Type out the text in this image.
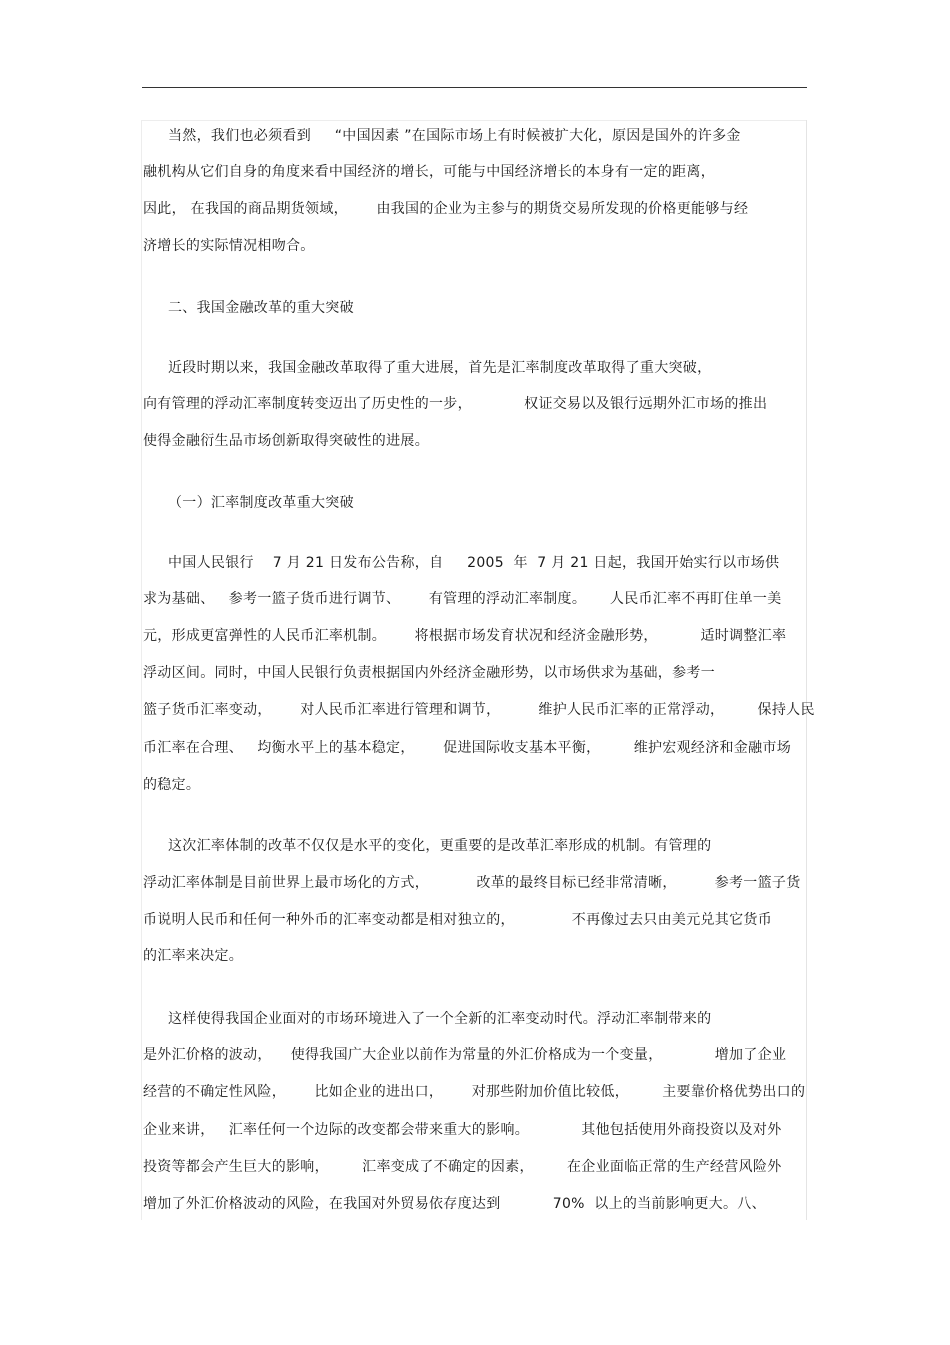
当然，我们也必须看到     “中国因素 ”在国际市场上有时候被扩大化，原因是国外的许多金
融机构从它们自身的角度来看中国经济的增长，可能与中国经济增长的本身有一定的距离，
因此， 在我国的商品期货领域，      由我国的企业为主参与的期货交易所发现的价格更能够与经
济增长的实际情况相吻合。
二、我国金融改革的重大突破
近段时期以来，我国金融改革取得了重大进展，首先是汇率制度改革取得了重大突破，
向有管理的浮动汇率制度转变迈出了历史性的一步，           权证交易以及银行远期外汇市场的推出
使得金融衍生品市场创新取得突破性的进展。
（一）汇率制度改革重大突破
中国人民银行    7 月 21 日发布公告称，自     2005  年  7 月 21 日起，我国开始实行以市场供
求为基础、   参考一篮子货币进行调节、      有管理的浮动汇率制度。     人民币汇率不再盯住单一美
元，形成更富弹性的人民币汇率机制。      将根据市场发育状况和经济金融形势，         适时调整汇率
浮动区间。同时，中国人民银行负责根据国内外经济金融形势，以市场供求为基础，参考一
篮子货币汇率变动，      对人民币汇率进行管理和调节，        维护人民币汇率的正常浮动，       保持人民
币汇率在合理、   均衡水平上的基本稳定，      促进国际收支基本平衡，       维护宏观经济和金融市场
的稳定。
这次汇率体制的改革不仅仅是水平的变化，更重要的是改革汇率形成的机制。有管理的
浮动汇率体制是目前世界上最市场化的方式，          改革的最终目标已经非常清晰，        参考一篮子货
币说明人民币和任何一种外币的汇率变动都是相对独立的，            不再像过去只由美元兑其它货币
的汇率来决定。
这样使得我国企业面对的市场环境进入了一个全新的汇率变动时代。浮动汇率制带来的
是外汇价格的波动，    使得我国广大企业以前作为常量的外汇价格成为一个变量，           增加了企业
经营的不确定性风险，      比如企业的进出口，      对那些附加价值比较低，       主要靠价格优势出口的
企业来讲，   汇率任何一个边际的改变都会带来重大的影响。           其他包括使用外商投资以及对外
投资等都会产生巨大的影响，       汇率变成了不确定的因素，       在企业面临正常的生产经营风险外
增加了外汇价格波动的风险，在我国对外贸易依存度达到           70%  以上的当前影响更大。八、
